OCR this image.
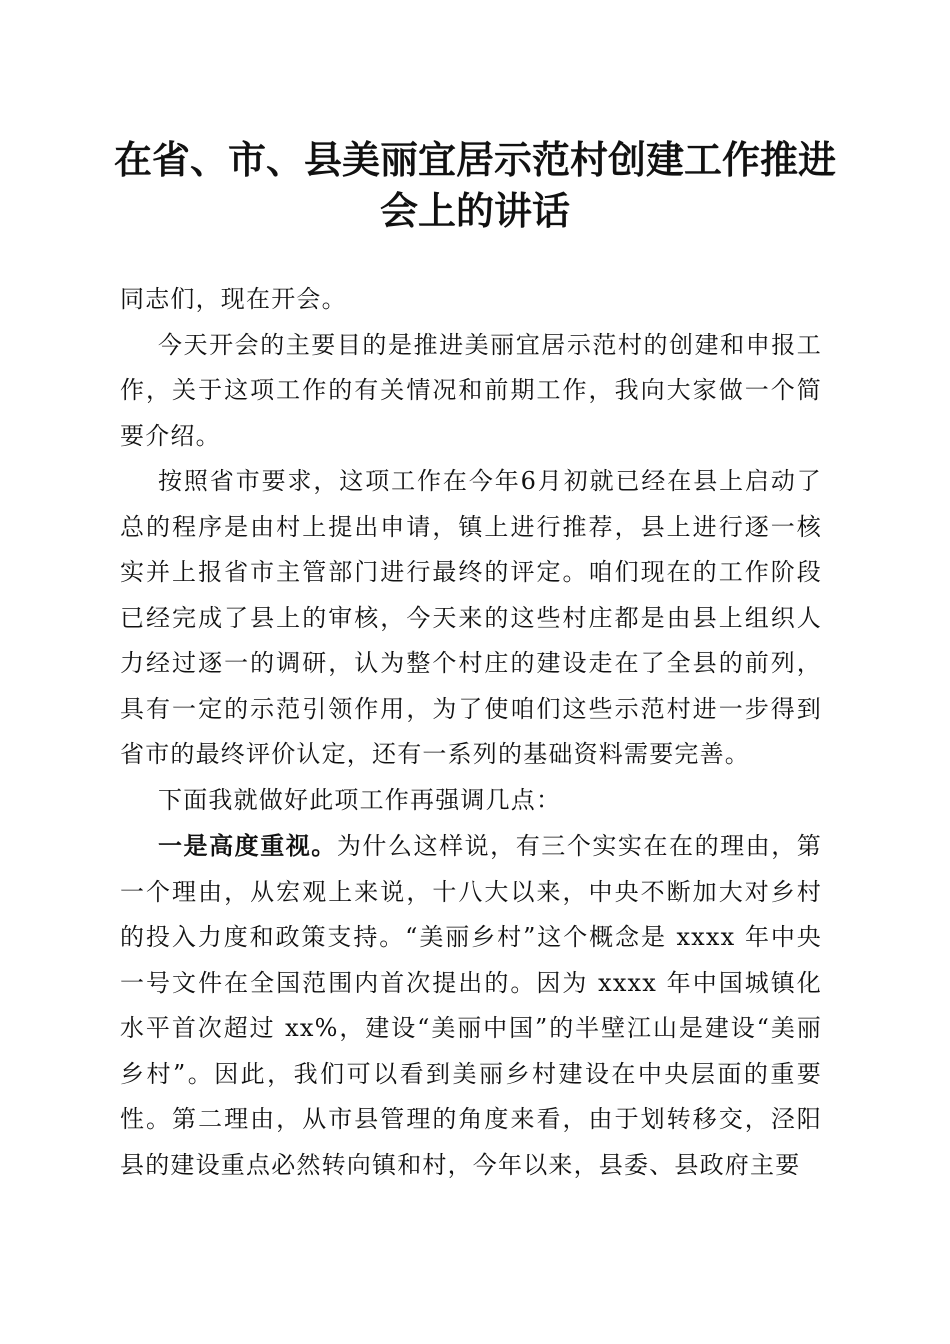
在省、市、县美丽宜居示范村创建工作推进会上的讲话

同志们，现在开会。

今天开会的主要目的是推进美丽宜居示范村的创建和申报工作，关于这项工作的有关情况和前期工作，我向大家做一个简要介绍。

按照省市要求，这项工作在今年6月初就已经在县上启动了总的程序是由村上提出申请，镇上进行推荐，县上进行逐一核实并上报省市主管部门进行最终的评定。咱们现在的工作阶段已经完成了县上的审核，今天来的这些村庄都是由县上组织人力经过逐一的调研，认为整个村庄的建设走在了全县的前列，具有一定的示范引领作用，为了使咱们这些示范村进一步得到省市的最终评价认定，还有一系列的基础资料需要完善。

下面我就做好此项工作再强调几点：

一是高度重视。为什么这样说，有三个实实在在的理由，第一个理由，从宏观上来说，十八大以来，中央不断加大对乡村的投入力度和政策支持。“美丽乡村”这个概念是 xxxx 年中央一号文件在全国范围内首次提出的。因为 xxxx 年中国城镇化水平首次超过 xx%，建设“美丽中国”的半壁江山是建设“美丽乡村”。因此，我们可以看到美丽乡村建设在中央层面的重要性。第二理由，从市县管理的角度来看，由于划转移交，泾阳县的建设重点必然转向镇和村，今年以来，县委、县政府主要
